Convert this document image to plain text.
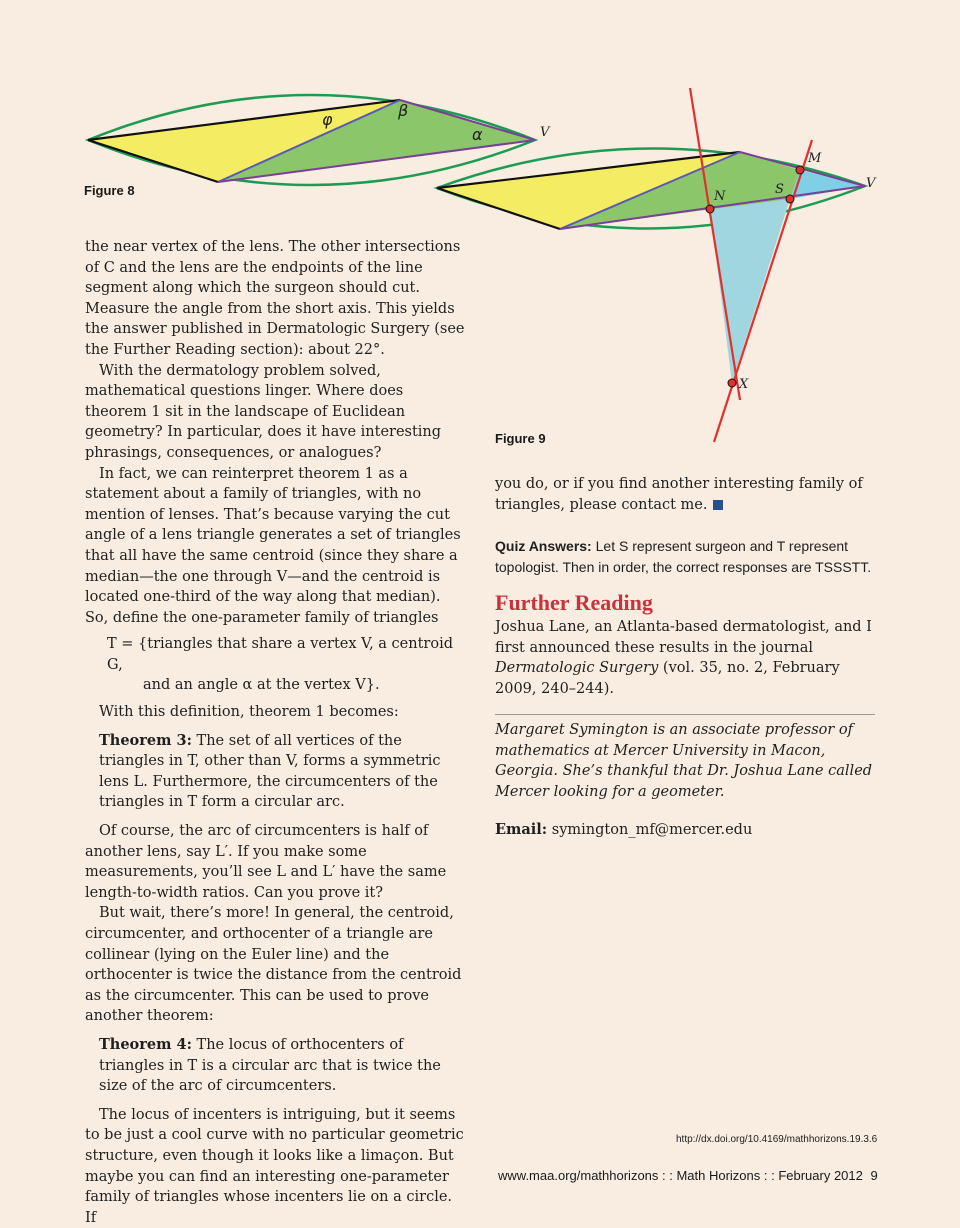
φ	β
α	V
Figure 8
M
N	S	V
X
Figure 9

the near vertex of the lens. The other intersections of C and the lens are the endpoints of the line segment along which the surgeon should cut. Measure the angle from the short axis. This yields the answer published in Dermatologic Surgery (see the Further Reading section): about 22°.

With the dermatology problem solved, mathematical questions linger. Where does theorem 1 sit in the landscape of Euclidean geometry? In particular, does it have interesting phrasings, consequences, or analogues?

In fact, we can reinterpret theorem 1 as a statement about a family of triangles, with no mention of lenses. That’s because varying the cut angle of a lens triangle generates a set of triangles that all have the same centroid (since they share a median—the one through V—and the centroid is located one-third of the way along that median). So, define the one-parameter family of triangles

T = {triangles that share a vertex V, a centroid G,
and an angle α at the vertex V}.

With this definition, theorem 1 becomes:

Theorem 3: The set of all vertices of the triangles in T, other than V, forms a symmetric lens L. Furthermore, the circumcenters of the triangles in T form a circular arc.

Of course, the arc of circumcenters is half of another lens, say L′. If you make some measurements, you’ll see L and L′ have the same length-to-width ratios. Can you prove it?

But wait, there’s more! In general, the centroid, circumcenter, and orthocenter of a triangle are collinear (lying on the Euler line) and the orthocenter is twice the distance from the centroid as the circumcenter. This can be used to prove another theorem:

Theorem 4: The locus of orthocenters of triangles in T is a circular arc that is twice the size of the arc of circumcenters.

The locus of incenters is intriguing, but it seems to be just a cool curve with no particular geometric structure, even though it looks like a limaçon. But maybe you can find an interesting one-parameter family of triangles whose incenters lie on a circle. If

you do, or if you find another interesting family of triangles, please contact me.

Quiz Answers: Let S represent surgeon and T represent topologist. Then in order, the correct responses are TSSSTT.
Further Reading

Joshua Lane, an Atlanta-based dermatologist, and I first announced these results in the journal Dermatologic Surgery (vol. 35, no. 2, February 2009, 240–244).

Margaret Symington is an associate professor of mathematics at Mercer University in Macon, Georgia. She’s thankful that Dr. Joshua Lane called Mercer looking for a geometer.

Email: symington_mf@mercer.edu

http://dx.doi.org/10.4169/mathhorizons.19.3.6
www.maa.org/mathhorizons : : Math Horizons : : February 2012 9
